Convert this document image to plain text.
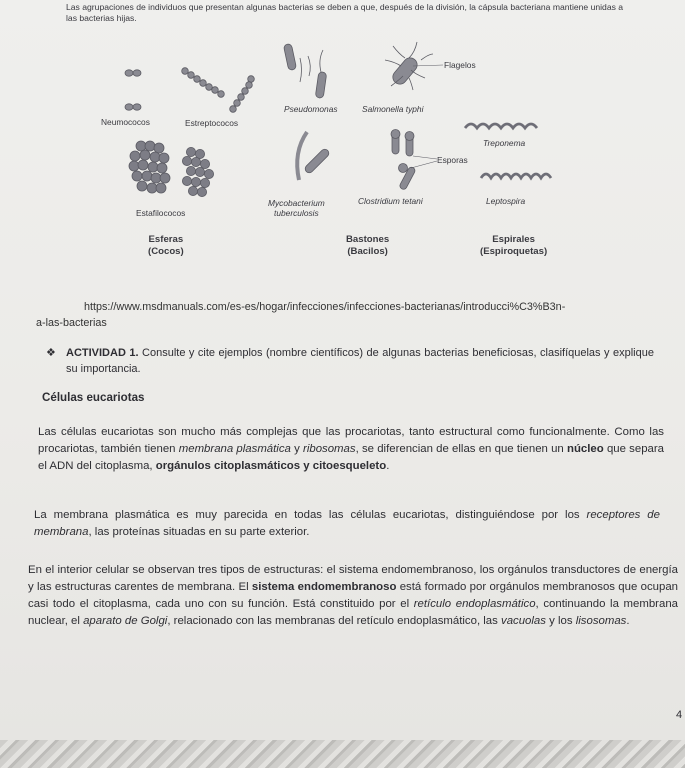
Las agrupaciones de individuos que presentan algunas bacterias se deben a que, después de la división, la cápsula bacteriana mantiene unidas a las bacterias hijas.
Neumococos	Estreptococos
Estafilococos
Pseudomonas	Salmonella typhi
Flagelos
Mycobacterium
tuberculosis
Clostridium tetani
Esporas
Treponema
Leptospira
Esferas
(Cocos)
Bastones
(Bacilos)
Espirales
(Espiroquetas)
https://www.msdmanuals.com/es-es/hogar/infecciones/infecciones-bacterianas/introducci%C3%B3n-
a-las-bacterias
❖ ACTIVIDAD 1. Consulte y cite ejemplos (nombre científicos) de algunas bacterias beneficiosas, clasifíquelas y explique su importancia.
Células eucariotas
Las células eucariotas son mucho más complejas que las procariotas, tanto estructural como funcionalmente. Como las procariotas, también tienen membrana plasmática y ribosomas, se diferencian de ellas en que tienen un núcleo que separa el ADN del citoplasma, orgánulos citoplasmáticos y citoesqueleto.
La membrana plasmática es muy parecida en todas las células eucariotas, distinguiéndose por los receptores de membrana, las proteínas situadas en su parte exterior.
En el interior celular se observan tres tipos de estructuras: el sistema endomembranoso, los orgánulos transductores de energía y las estructuras carentes de membrana. El sistema endomembranoso está formado por orgánulos membranosos que ocupan casi todo el citoplasma, cada uno con su función. Está constituido por el retículo endoplasmático, continuando la membrana nuclear, el aparato de Golgi, relacionado con las membranas del retículo endoplasmático, las vacuolas y los lisosomas.
4
